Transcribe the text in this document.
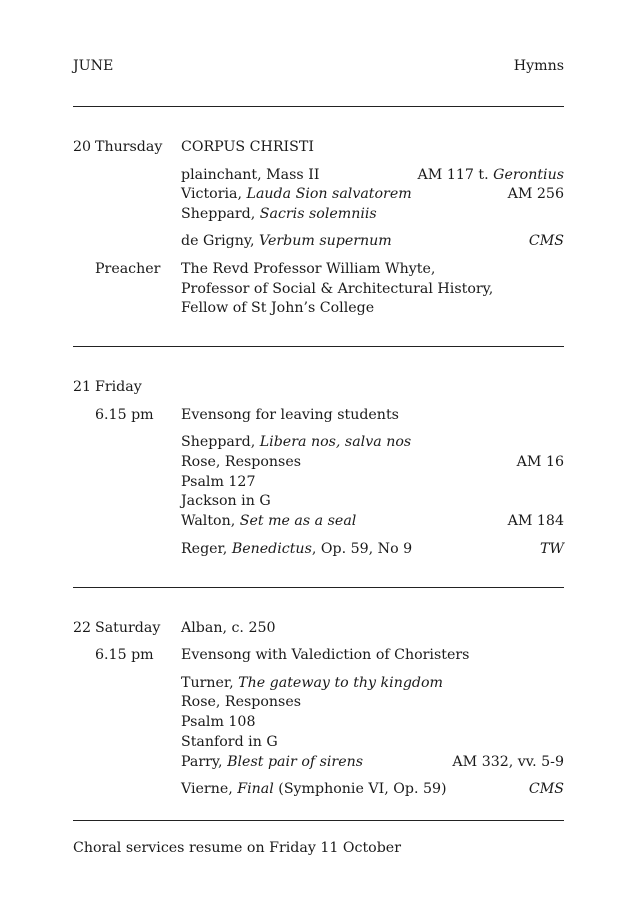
JUNE	Hymns
20 Thursday CORPUS CHRISTI
plainchant, Mass II	AM 117 t. Gerontius
Victoria, Lauda Sion salvatorem	AM 256
Sheppard, Sacris solemniis
de Grigny, Verbum supernum	CMS
Preacher The Revd Professor William Whyte,
Professor of Social & Architectural History,
Fellow of St John’s College
21 Friday
6.15 pm Evensong for leaving students
Sheppard, Libera nos, salva nos
Rose, Responses	AM 16
Psalm 127
Jackson in G
Walton, Set me as a seal	AM 184
Reger, Benedictus, Op. 59, No 9	TW
22 Saturday Alban, c. 250
6.15 pm Evensong with Valediction of Choristers
Turner, The gateway to thy kingdom
Rose, Responses
Psalm 108
Stanford in G
Parry, Blest pair of sirens	AM 332, vv. 5-9
Vierne, Final (Symphonie VI, Op. 59)	CMS
Choral services resume on Friday 11 October
